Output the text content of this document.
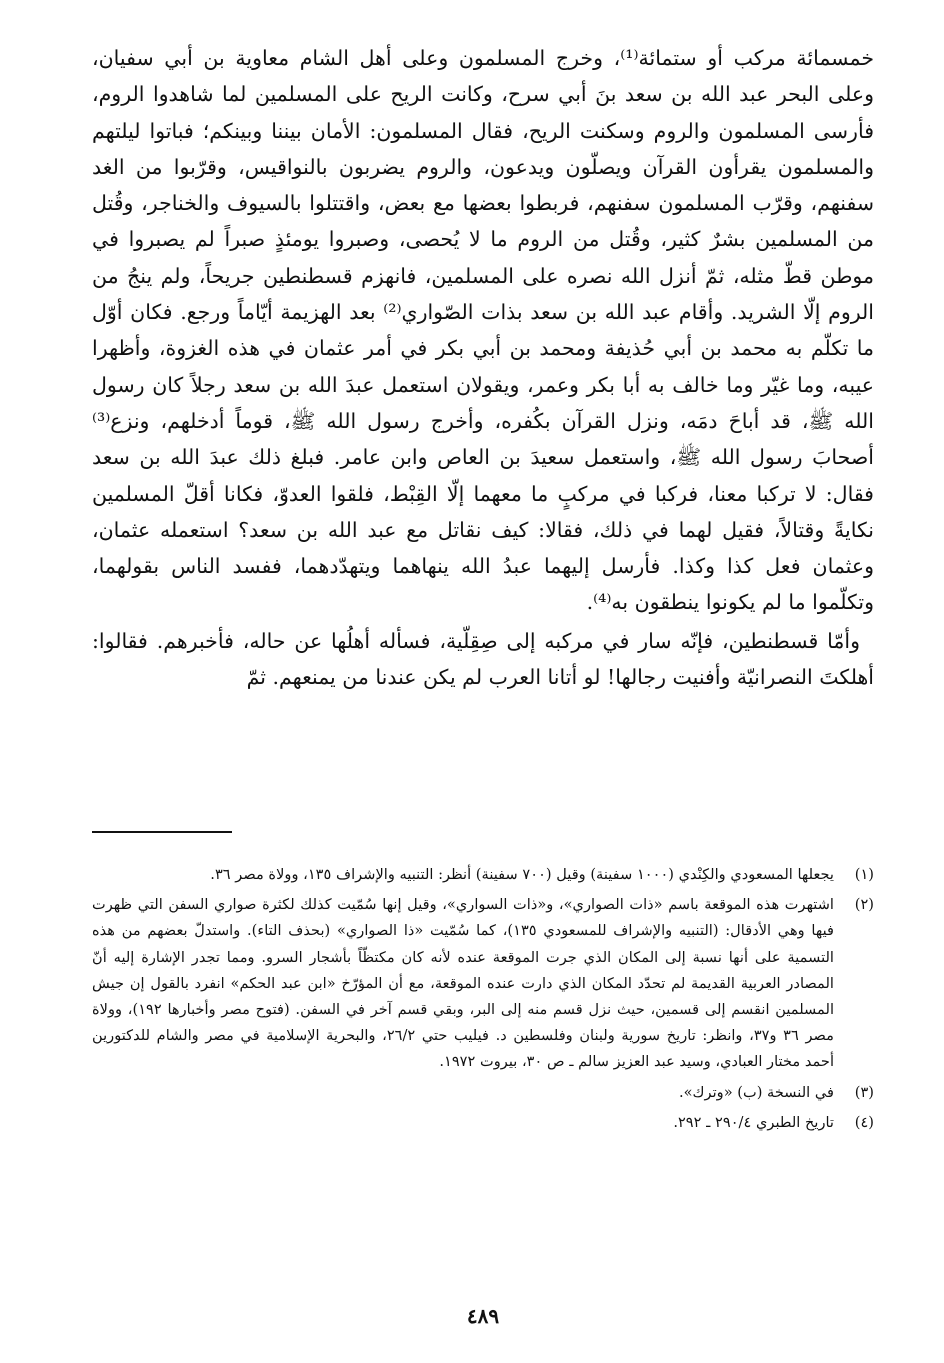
خمسمائة مركب أو ستمائة⁽¹⁾، وخرج المسلمون وعلى أهل الشام معاوية بن أبي سفيان، وعلى البحر عبد الله بن سعد بنَ أبي سرح، وكانت الريح على المسلمين لما شاهدوا الروم، فأرسى المسلمون والروم وسكنت الريح، فقال المسلمون: الأمان بيننا وبينكم؛ فباتوا ليلتهم والمسلمون يقرأون القرآن ويصلّون ويدعون، والروم يضربون بالنواقيس، وقرّبوا من الغد سفنهم، وقرّب المسلمون سفنهم، فربطوا بعضها مع بعض، واقتتلوا بالسيوف والخناجر، وقُتل من المسلمين بشرٌ كثير، وقُتل من الروم ما لا يُحصى، وصبروا يومئذٍ صبراً لم يصبروا في موطن قطّ مثله، ثمّ أنزل الله نصره على المسلمين، فانهزم قسطنطين جريحاً، ولم ينجُ من الروم إلّا الشريد. وأقام عبد الله بن سعد بذات الصّواري⁽²⁾ بعد الهزيمة أيّاماً ورجع. فكان أوّل ما تكلّم به محمد بن أبي حُذيفة ومحمد بن أبي بكر في أمر عثمان في هذه الغزوة، وأظهرا عيبه، وما غيّر وما خالف به أبا بكر وعمر، ويقولان استعمل عبدَ الله بن سعد رجلاً كان رسول الله ﷺ، قد أباحَ دمَه، ونزل القرآن بكُفره، وأخرج رسول الله ﷺ، قوماً أدخلهم، ونزع⁽³⁾ أصحابَ رسول الله ﷺ، واستعمل سعيدَ بن العاص وابن عامر. فبلغ ذلك عبدَ الله بن سعد فقال: لا تركبا معنا، فركبا في مركبٍ ما معهما إلّا القِبْط، فلقوا العدوّ، فكانا أقلّ المسلمين نكايةً وقتالاً، فقيل لهما في ذلك، فقالا: كيف نقاتل مع عبد الله بن سعد؟ استعمله عثمان، وعثمان فعل كذا وكذا. فأرسل إليهما عبدُ الله ينهاهما ويتهدّدهما، ففسد الناس بقولهما، وتكلّموا ما لم يكونوا ينطقون به⁽⁴⁾.

وأمّا قسطنطين، فإنّه سار في مركبه إلى صِقِلّية، فسأله أهلُها عن حاله، فأخبرهم. فقالوا: أهلكتَ النصرانيّة وأفنيت رجالها! لو أتانا العرب لم يكن عندنا من يمنعهم. ثمّ

(١)
يجعلها المسعودي والكِنْدي (١٠٠٠ سفينة) وقيل (٧٠٠ سفينة) أنظر: التنبيه والإشراف ١٣٥، وولاة مصر ٣٦.
(٢)
اشتهرت هذه الموقعة باسم «ذات الصواري»، و«ذات السواري»، وقيل إنها سُمّيت كذلك لكثرة صواري السفن التي ظهرت فيها وهي الأدقال: (التنبيه والإشراف للمسعودي ١٣٥)، كما سُمّيت «ذا الصواري» (بحذف التاء). واستدلّ بعضهم من هذه التسمية على أنها نسبة إلى المكان الذي جرت الموقعة عنده لأنه كان مكتظّاً بأشجار السرو. ومما تجدر الإشارة إليه أنّ المصادر العربية القديمة لم تحدّد المكان الذي دارت عنده الموقعة، مع أن المؤرّخ «ابن عبد الحكم» انفرد بالقول إن جيش المسلمين انقسم إلى قسمين، حيث نزل قسم منه إلى البر، وبقي قسم آخر في السفن. (فتوح مصر وأخبارها ١٩٢)، وولاة مصر ٣٦ و٣٧، وانظر: تاريخ سورية ولبنان وفلسطين د. فيليب حتي ٢٦/٢، والبحرية الإسلامية في مصر والشام للدكتورين أحمد مختار العبادي، وسيد عبد العزيز سالم ـ ص ٣٠، بيروت ١٩٧٢.
(٣)
في النسخة (ب) «وترك».
(٤)
تاريخ الطبري ٢٩٠/٤ ـ ٢٩٢.
٤٨٩
